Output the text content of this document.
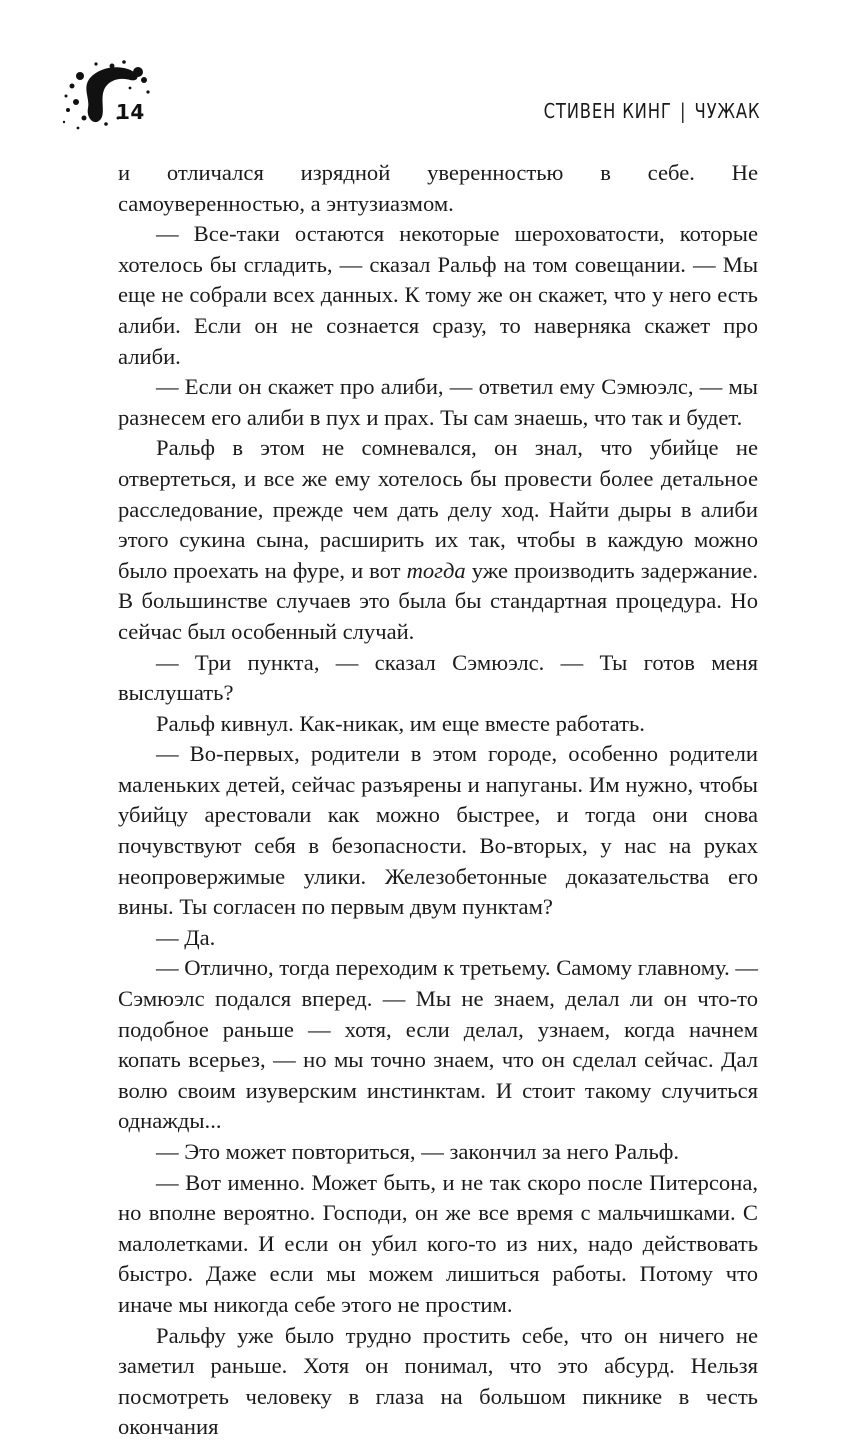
14	СТИВЕН КИНГ | ЧУЖАК

и отличался изрядной уверенностью в себе. Не самоуверенностью, а энтузиазмом.

— Все-таки остаются некоторые шероховатости, которые хотелось бы сгладить, — сказал Ральф на том совещании. — Мы еще не собрали всех данных. К тому же он скажет, что у него есть алиби. Если он не сознается сразу, то наверняка скажет про алиби.

— Если он скажет про алиби, — ответил ему Сэмюэлс, — мы разнесем его алиби в пух и прах. Ты сам знаешь, что так и будет.

Ральф в этом не сомневался, он знал, что убийце не отвертеться, и все же ему хотелось бы провести более детальное расследование, прежде чем дать делу ход. Найти дыры в алиби этого сукина сына, расширить их так, чтобы в каждую можно было проехать на фуре, и вот тогда уже производить задержание. В большинстве случаев это была бы стандартная процедура. Но сейчас был особенный случай.

— Три пункта, — сказал Сэмюэлс. — Ты готов меня выслушать?

Ральф кивнул. Как-никак, им еще вместе работать.

— Во-первых, родители в этом городе, особенно родители маленьких детей, сейчас разъярены и напуганы. Им нужно, чтобы убийцу арестовали как можно быстрее, и тогда они снова почувствуют себя в безопасности. Во-вторых, у нас на руках неопровержимые улики. Железобетонные доказательства его вины. Ты согласен по первым двум пунктам?

— Да.

— Отлично, тогда переходим к третьему. Самому главному. — Сэмюэлс подался вперед. — Мы не знаем, делал ли он что-то подобное раньше — хотя, если делал, узнаем, когда начнем копать всерьез, — но мы точно знаем, что он сделал сейчас. Дал волю своим изуверским инстинктам. И стоит такому случиться однажды...

— Это может повториться, — закончил за него Ральф.

— Вот именно. Может быть, и не так скоро после Питерсона, но вполне вероятно. Господи, он же все время с мальчишками. С малолетками. И если он убил кого-то из них, надо действовать быстро. Даже если мы можем лишиться работы. Потому что иначе мы никогда себе этого не простим.

Ральфу уже было трудно простить себе, что он ничего не заметил раньше. Хотя он понимал, что это абсурд. Нельзя посмотреть человеку в глаза на большом пикнике в честь окончания
